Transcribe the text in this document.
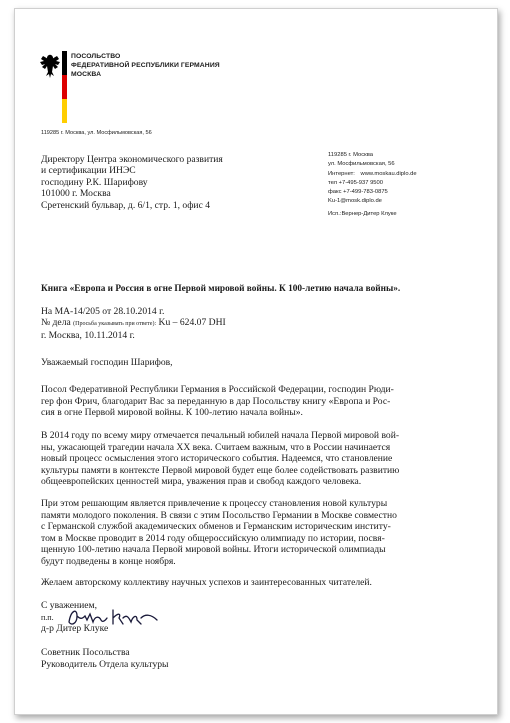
ПОСОЛЬСТВО
ФЕДЕРАТИВНОЙ РЕСПУБЛИКИ ГЕРМАНИЯ
МОСКВА
119285 г. Москва, ул. Мосфильмовская, 56
Директору Центра экономического развития
и сертификации ИНЭС
господину Р.К. Шарифову
101000 г. Москва
Сретенский бульвар, д. 6/1, стр. 1, офис 4
119285 г. Москва
ул. Мосфильмовская, 56
Интернет: www.moskau.diplo.de
тел +7-495-937 9500
факс +7-499-783-0875
Ku-1@mosk.diplo.de
Исп.:Вернер-Дитер Клуке
Книга «Европа и Россия в огне Первой мировой войны. К 100-летию начала войны».
На МА-14/205 от 28.10.2014 г.
№ дела (Просьба указывать при ответе): Ku – 624.07 DHI
г. Москва, 10.11.2014 г.
Уважаемый господин Шарифов,
Посол Федеративной Республики Германия в Российской Федерации, господин Рюди-
гер фон Фрич, благодарит Вас за переданную в дар Посольству книгу «Европа и Рос-
сия в огне Первой мировой войны. К 100-летию начала войны».
В 2014 году по всему миру отмечается печальный юбилей начала Первой мировой вой-
ны, ужасающей трагедии начала XX века. Считаем важным, что в России начинается
новый процесс осмысления этого исторического события. Надеемся, что становление
культуры памяти в контексте Первой мировой будет еще более содействовать развитию
общеевропейских ценностей мира, уважения прав и свобод каждого человека.
При этом решающим является привлечение к процессу становления новой культуры
памяти молодого поколения. В связи с этим Посольство Германии в Москве совместно
с Германской службой академических обменов и Германским историческим институ-
том в Москве проводит в 2014 году общероссийскую олимпиаду по истории, посвя-
щенную 100-летию начала Первой мировой войны. Итоги исторической олимпиады
будут подведены в конце ноября.
Желаем авторскому коллективу научных успехов и заинтересованных читателей.
С уважением,
п.п.
д-р Дитер Клуке
Советник Посольства
Руководитель Отдела культуры
